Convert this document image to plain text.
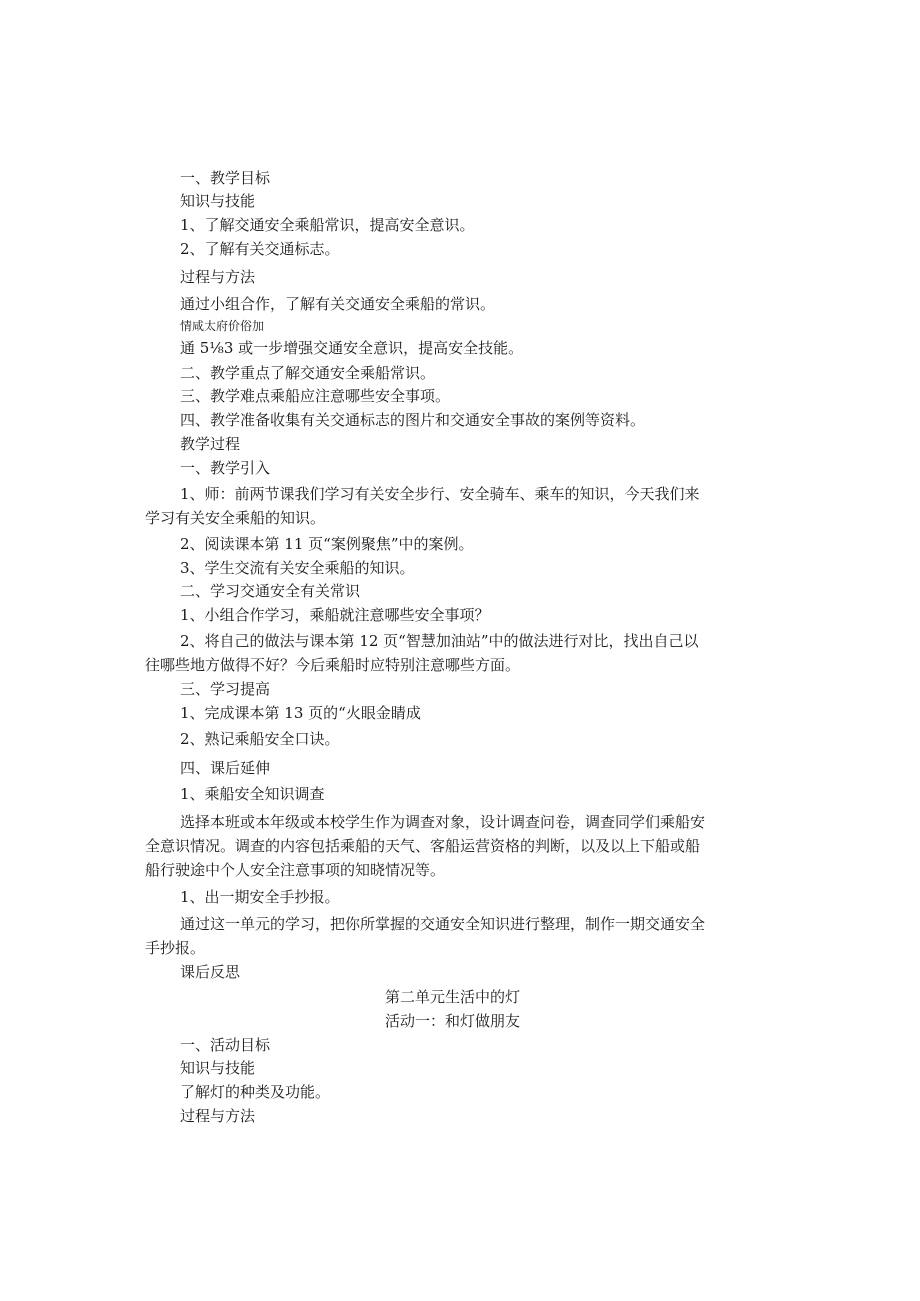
一、教学目标
知识与技能
1、了解交通安全乘船常识，提高安全意识。
2、了解有关交通标志。
过程与方法
通过小组合作，了解有关交通安全乘船的常识。
情咸太府价俗加
通 5⅛3 或一步增强交通安全意识，提高安全技能。
二、教学重点了解交通安全乘船常识。
三、教学难点乘船应注意哪些安全事项。
四、教学准备收集有关交通标志的图片和交通安全事故的案例等资料。
教学过程
一、教学引入
1、师：前两节课我们学习有关安全步行、安全骑车、乘车的知识，今天我们来
学习有关安全乘船的知识。
2、阅读课本第 11 页“案例聚焦”中的案例。
3、学生交流有关安全乘船的知识。
二、学习交通安全有关常识
1、小组合作学习，乘船就注意哪些安全事项？
2、将自己的做法与课本第 12 页“智慧加油站”中的做法进行对比，找出自己以
往哪些地方做得不好？今后乘船时应特别注意哪些方面。
三、学习提高
1、完成课本第 13 页的“火眼金睛成
2、熟记乘船安全口诀。
四、课后延伸
1、乘船安全知识调查
选择本班或本年级或本校学生作为调查对象，设计调查问卷，调查同学们乘船安
全意识情况。调查的内容包括乘船的天气、客船运营资格的判断，以及以上下船或船
船行驶途中个人安全注意事项的知晓情况等。
1、出一期安全手抄报。
通过这一单元的学习，把你所掌握的交通安全知识进行整理，制作一期交通安全
手抄报。
课后反思
第二单元生活中的灯
活动一：和灯做朋友
一、活动目标
知识与技能
了解灯的种类及功能。
过程与方法
